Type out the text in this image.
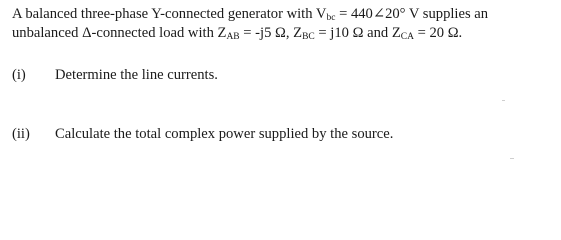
A balanced three-phase Y-connected generator with $V_{bc}$ = 440∠20° V supplies an
unbalanced Δ-connected load with $Z_{AB} = -j5$ Ω, $Z_{BC} = j10$ Ω and $Z_{CA} = 20$ Ω.
(i) Determine the line currents.
(ii) Calculate the total complex power supplied by the source.
